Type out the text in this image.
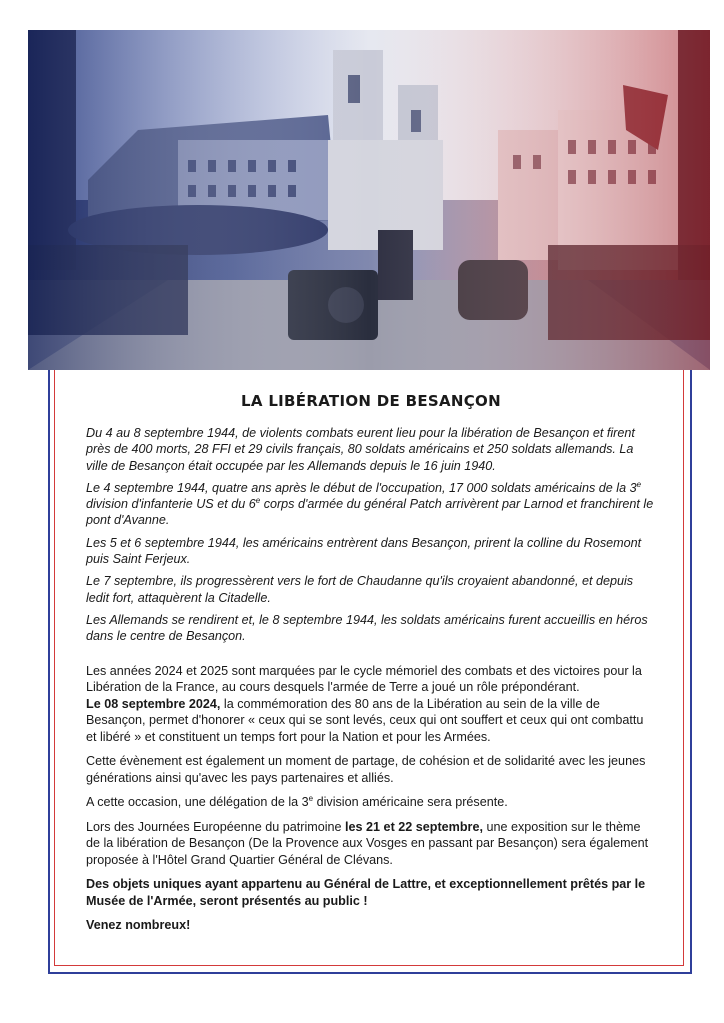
LA LIBÉRATION DE BESANÇON

Du 4 au 8 septembre 1944, de violents combats eurent lieu pour la libération de Besançon et firent près de 400 morts, 28 FFI et 29 civils français, 80 soldats américains et 250 soldats allemands. La ville de Besançon était occupée par les Allemands depuis le 16 juin 1940.

Le 4 septembre 1944, quatre ans après le début de l'occupation, 17 000 soldats américains de la 3e division d'infanterie US et du 6e corps d'armée du général Patch arrivèrent par Larnod et franchirent le pont d'Avanne.

Les 5 et 6 septembre 1944, les américains entrèrent dans Besançon, prirent la colline du Rosemont puis Saint Ferjeux.

Le 7 septembre, ils progressèrent vers le fort de Chaudanne qu'ils croyaient abandonné, et depuis ledit fort, attaquèrent la Citadelle.

Les Allemands se rendirent et, le 8 septembre 1944, les soldats américains furent accueillis en héros dans le centre de Besançon.

Les années 2024 et 2025 sont marquées par le cycle mémoriel des combats et des victoires pour la Libération de la France, au cours desquels l'armée de Terre a joué un rôle prépondérant.

Le 08 septembre 2024, la commémoration des 80 ans de la Libération au sein de la ville de Besançon, permet d'honorer « ceux qui se sont levés, ceux qui ont souffert et ceux qui ont combattu et libéré » et constituent un temps fort pour la Nation et pour les Armées.

Cette évènement est également un moment de partage, de cohésion et de solidarité avec les jeunes générations ainsi qu'avec les pays partenaires et alliés.

A cette occasion, une délégation de la 3e division américaine sera présente.

Lors des Journées Européenne du patrimoine les 21 et 22 septembre, une exposition sur le thème de la libération de Besançon (De la Provence aux Vosges en passant par Besançon) sera également proposée à l'Hôtel Grand Quartier Général de Clévans.

Des objets uniques ayant appartenu au Général de Lattre, et exceptionnellement prêtés par le Musée de l'Armée, seront présentés au public !

Venez nombreux!
